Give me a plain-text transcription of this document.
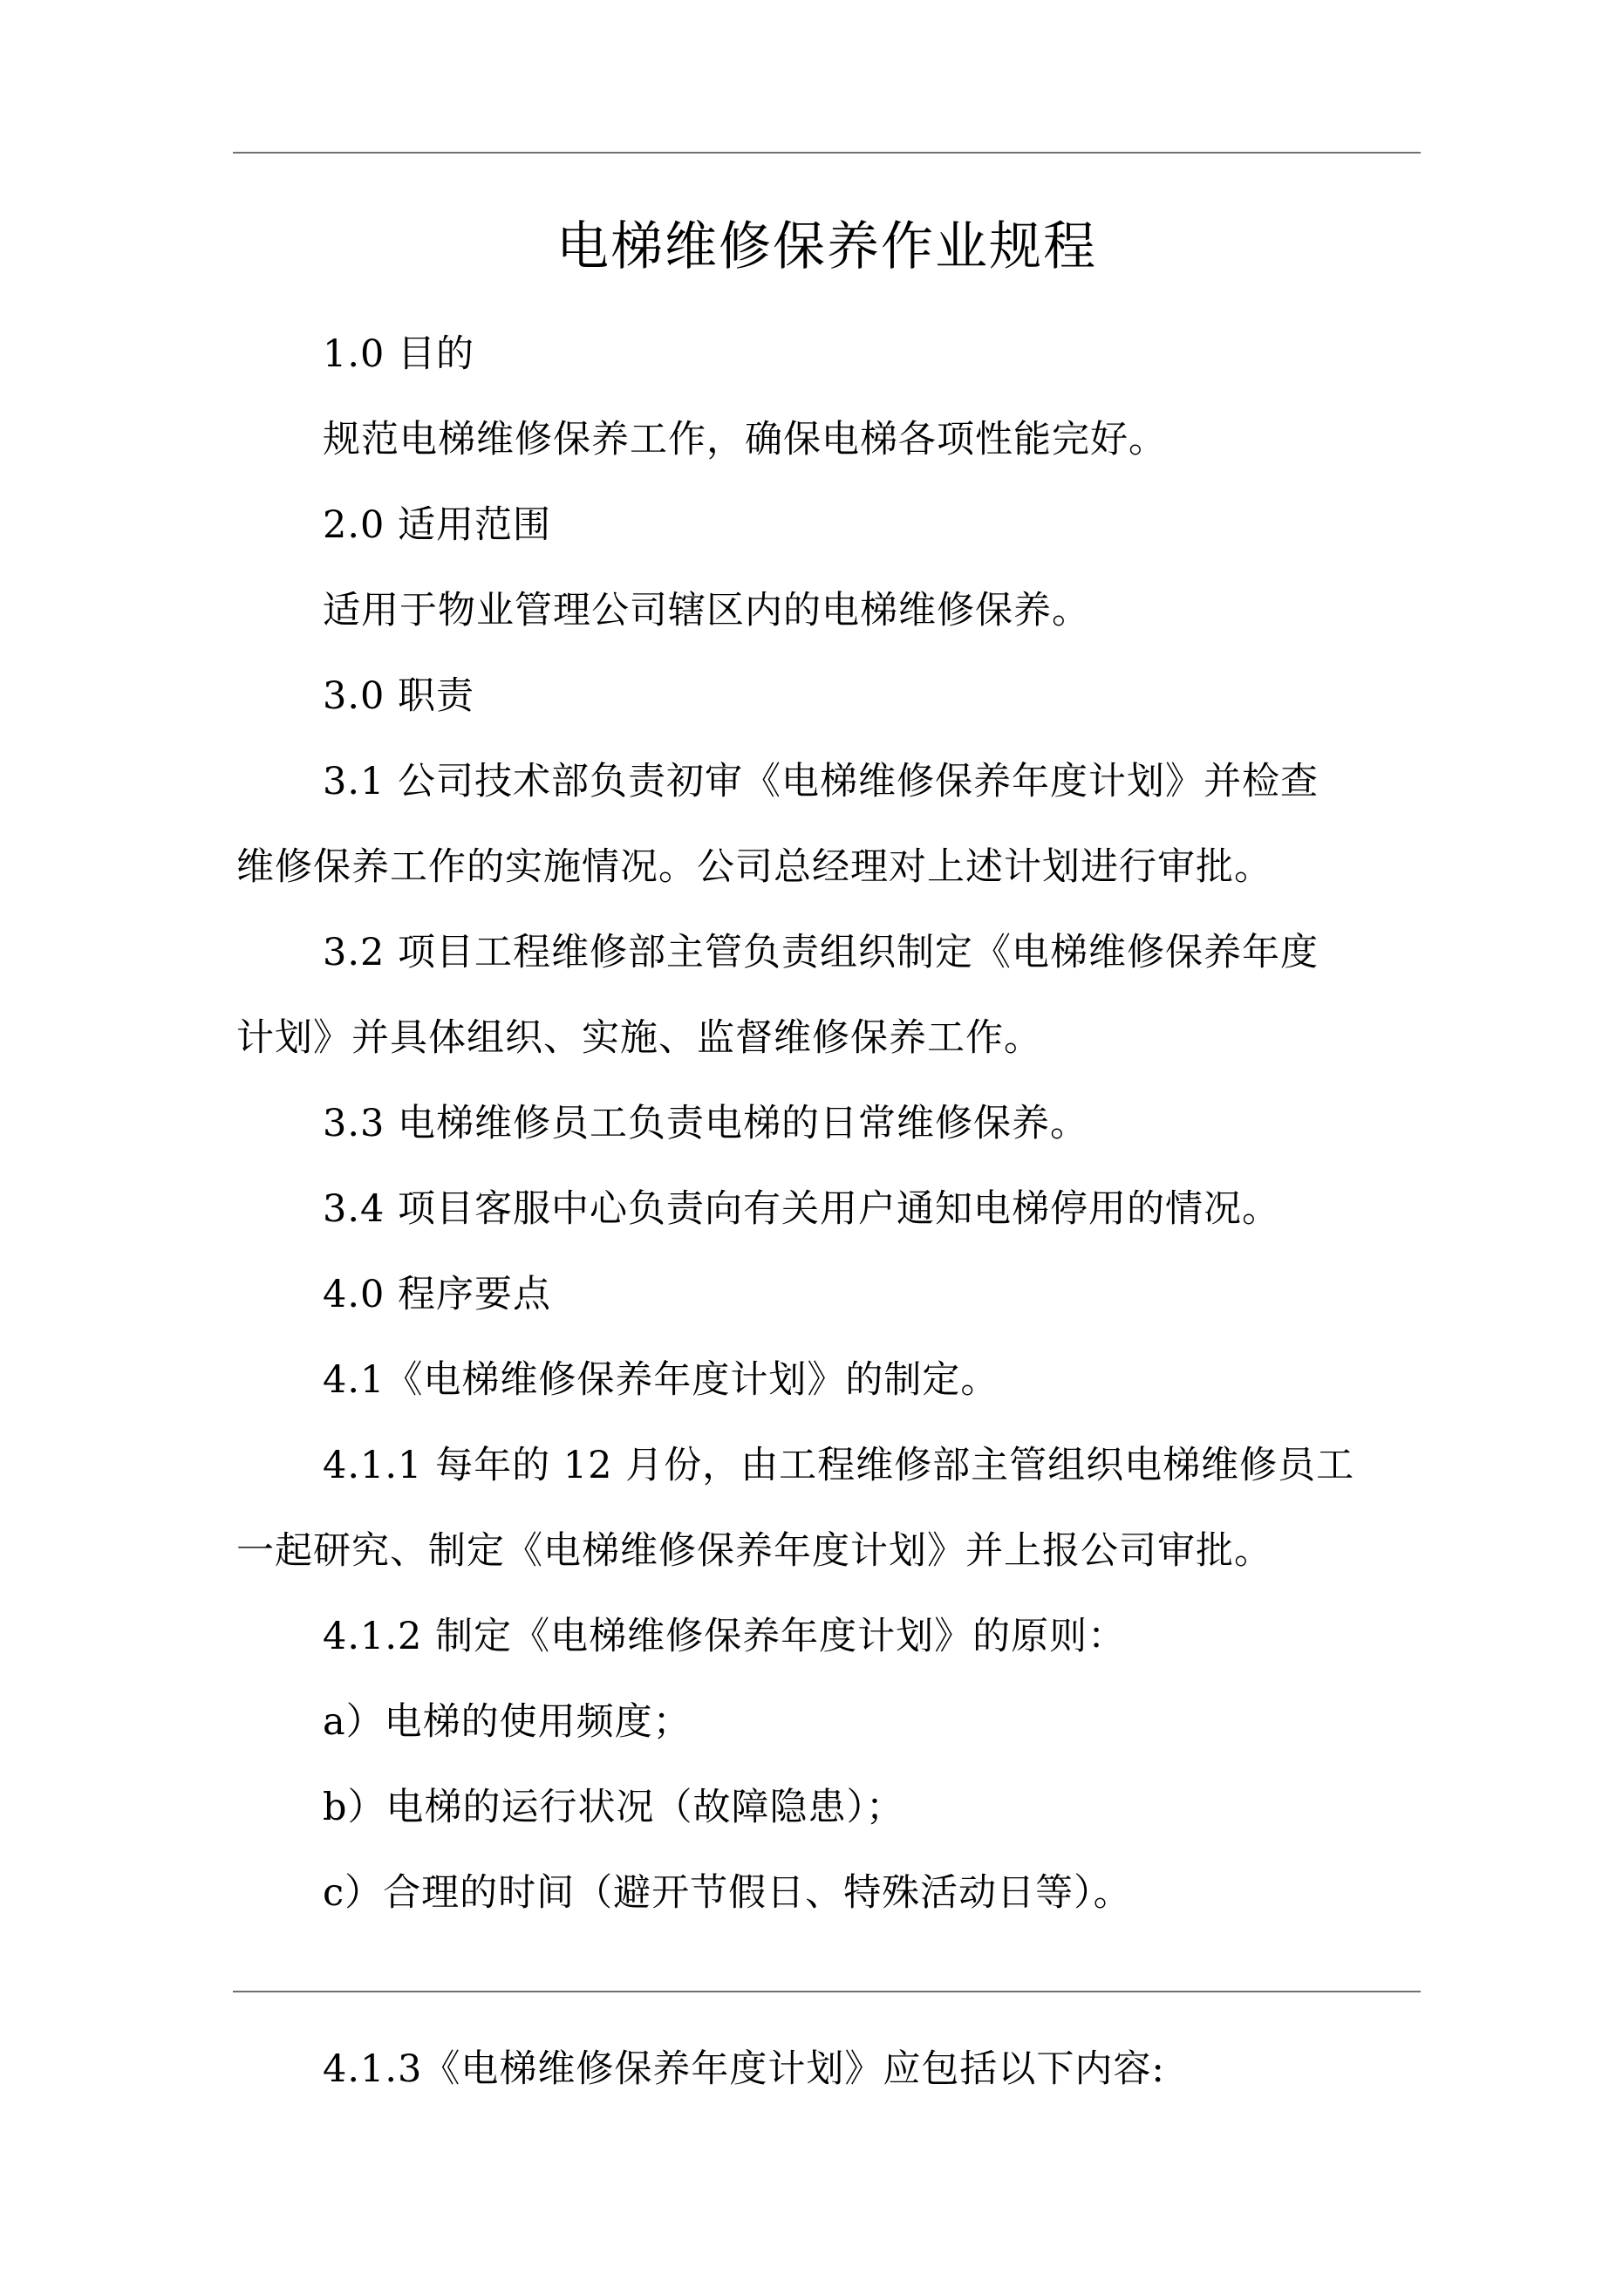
电梯维修保养作业规程
1.0 目的
规范电梯维修保养工作，确保电梯各项性能完好。
2.0 适用范围
适用于物业管理公司辖区内的电梯维修保养。
3.0 职责
3.1 公司技术部负责初审《电梯维修保养年度计划》并检查
维修保养工作的实施情况。公司总经理对上述计划进行审批。
3.2 项目工程维修部主管负责组织制定《电梯维修保养年度
计划》并具体组织、实施、监督维修保养工作。
3.3 电梯维修员工负责电梯的日常维修保养。
3.4 项目客服中心负责向有关用户通知电梯停用的情况。
4.0 程序要点
4.1《电梯维修保养年度计划》的制定。
4.1.1 每年的 12 月份，由工程维修部主管组织电梯维修员工
一起研究、制定《电梯维修保养年度计划》并上报公司审批。
4.1.2 制定《电梯维修保养年度计划》的原则：
a）电梯的使用频度；
b）电梯的运行状况（故障隐患）；
c）合理的时间（避开节假日、特殊活动日等）。
4.1.3《电梯维修保养年度计划》应包括以下内容:
